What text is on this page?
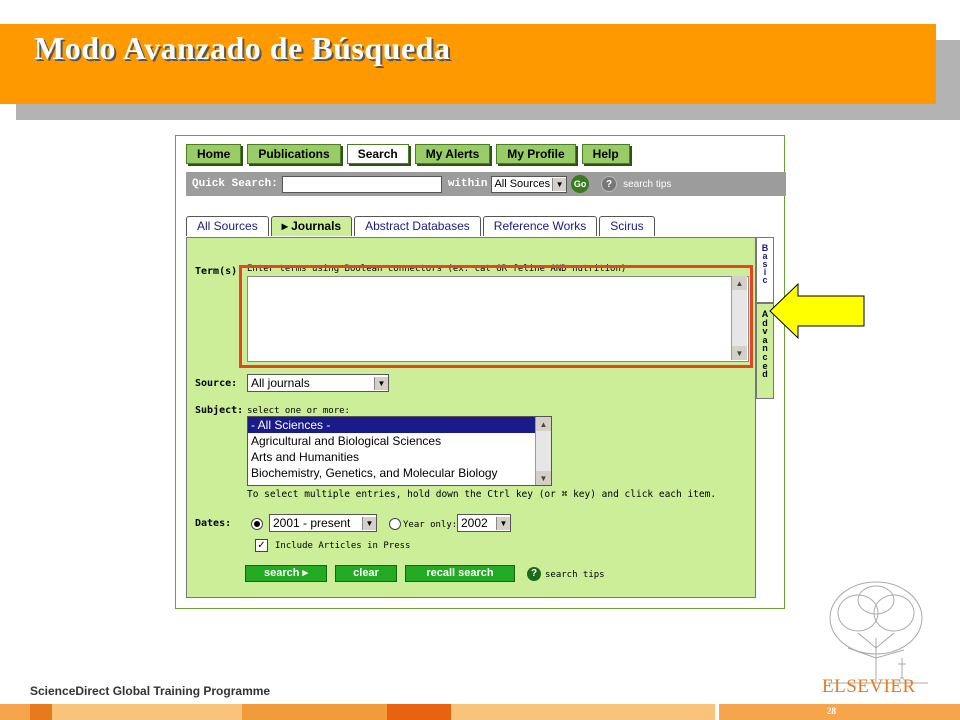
Modo Avanzado de Búsqueda
Home	Publications	Search	My Alerts	My Profile	Help
Quick Search:	within All Sources ▼	Go	?	search tips
All Sources	▸ Journals	Abstract Databases	Reference Works	Scirus
Term(s): Enter terms using Boolean connectors (ex: cat OR feline AND nutrition)
▲
▼
Source: All journals	▼
Subject: select one or more:
- All Sciences -
Agricultural and Biological Sciences
Arts and Humanities
Biochemistry, Genetics, and Molecular Biology
▲
▼
To select multiple entries, hold down the Ctrl key (or ⌘ key) and click each item.
Dates:	2001 - present	▼	Year only: 2002	▼
✓ Include Articles in Press
search ▸	clear	recall search	? search tips
B
a
s
i
c
A
d
v
a
n
c
e
d
ELSEVIER
ScienceDirect Global Training Programme
28
